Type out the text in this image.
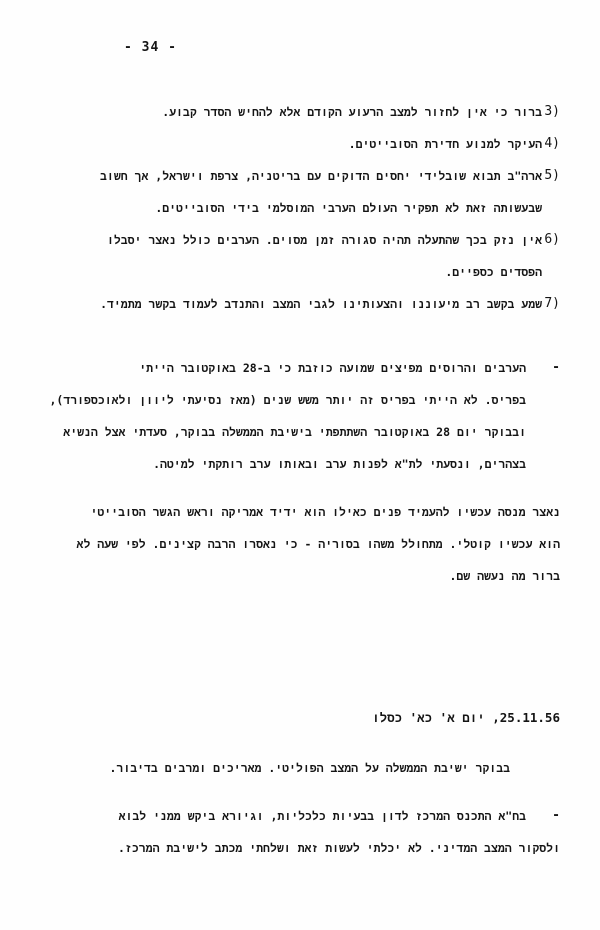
- 34 -
3)
ברור כי אין לחזור למצב הרעוע הקודם אלא להחיש הסדר קבוע.
4)
העיקר למנוע חדירת הסובייטים.
5)
ארה"ב תבוא שובלידי יחסים הדוקים עם בריטניה, צרפת וישראל, אך חשוב
שבעשותה זאת לא תפקיר העולם הערבי המוסלמי בידי הסובייטים.
6)
אין נזק בכך שהתעלה תהיה סגורה זמן מסוים. הערבים כולל נאצר יסבלו
הפסדים כספיים.
7)
שמע בקשב רב מיעוננו והצעותינו לגבי המצב והתנדב לעמוד בקשר מתמיד.
-
הערבים והרוסים מפיצים שמועה כוזבת כי ב-28 באוקטובר הייתי
בפריס. לא הייתי בפריס זה יותר משש שנים (מאז נסיעתי ליוון ולאוכספורד),
ובבוקר יום 28 באוקטובר השתתפתי בישיבת הממשלה בבוקר, סעדתי אצל הנשיא
בצהרים, ונסעתי לת"א לפנות ערב ובאותו ערב רותקתי למיטה.
נאצר מנסה עכשיו להעמיד פנים כאילו הוא ידיד אמריקה וראש הגשר הסובייטי
הוא עכשיו קוטלי. מתחולל משהו בסוריה - כי נאסרו הרבה קצינים. לפי שעה לא
ברור מה נעשה שם.
25.11.56, יום א' כא' כסלו
בבוקר ישיבת הממשלה על המצב הפוליטי. מאריכים ומרבים בדיבור.
-
בח"א התכנס המרכז לדון בבעיות כלכליות, וגיורא ביקש ממני לבוא
ולסקור המצב המדיני. לא יכלתי לעשות זאת ושלחתי מכתב לישיבת המרכז.
